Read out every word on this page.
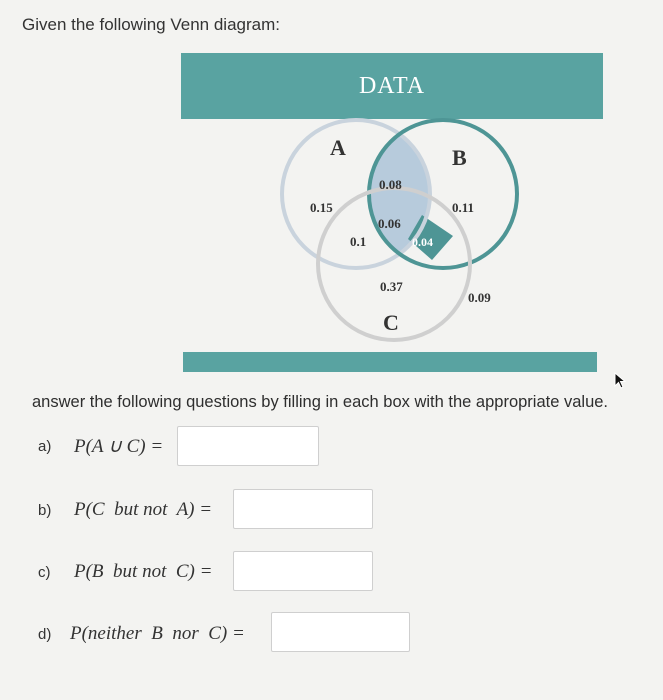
Given the following Venn diagram:
DATA
A	B
C
0.15
0.08
0.11
0.06
0.1	0.04
0.37
0.09
answer the following questions by filling in each box with the appropriate value.
a) P(A ∪ C) =
b) P(C  but not  A) =
c) P(B  but not  C) =
d) P(neither  B  nor  C) =
